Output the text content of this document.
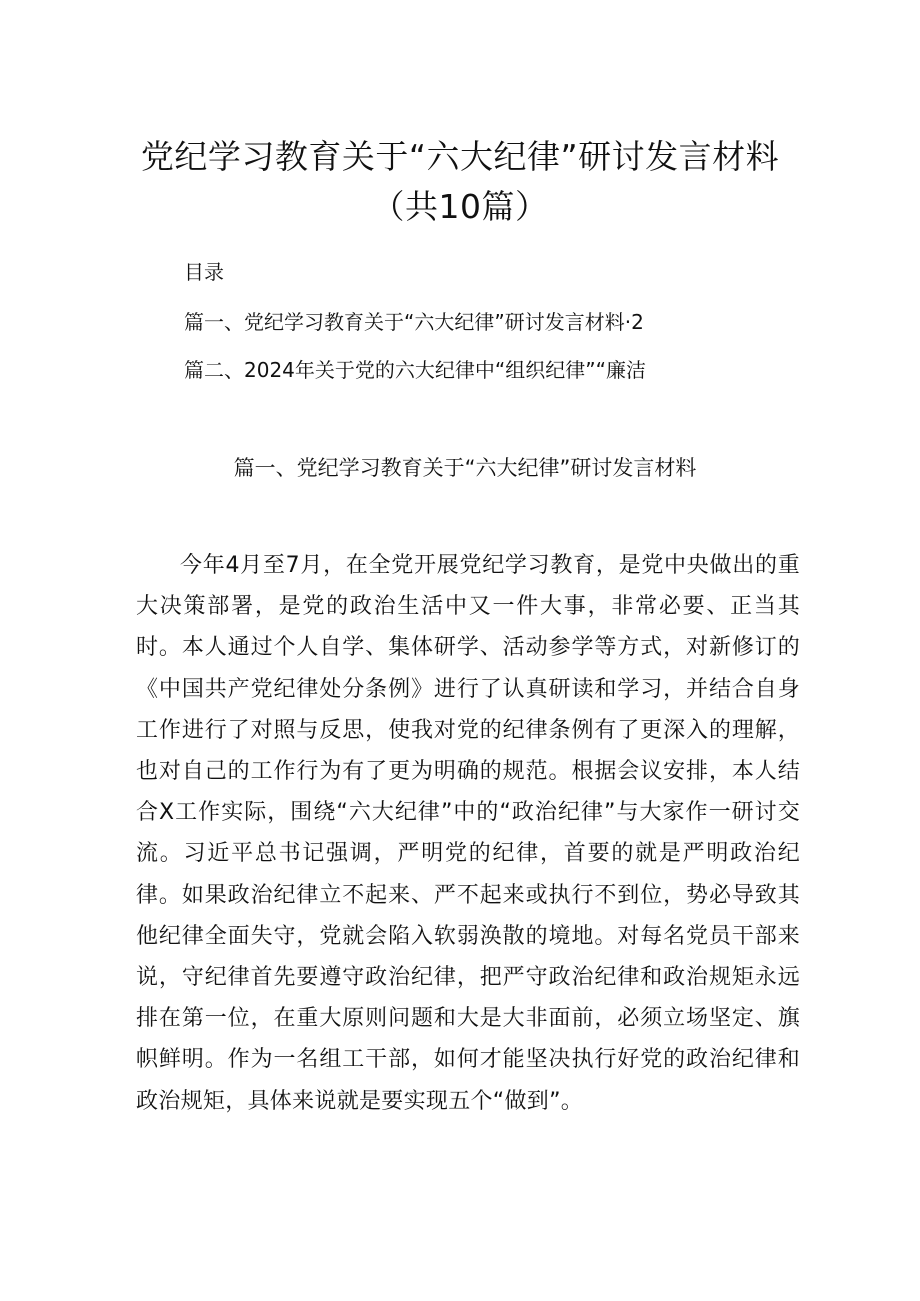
党纪学习教育关于“六大纪律”研讨发言材料（共10篇）
目录
篇一、党纪学习教育关于“六大纪律”研讨发言材料·2
篇二、2024年关于党的六大纪律中“组织纪律”“廉洁
篇一、党纪学习教育关于“六大纪律”研讨发言材料

今年4月至7月，在全党开展党纪学习教育，是党中央做出的重大决策部署，是党的政治生活中又一件大事，非常必要、正当其时。本人通过个人自学、集体研学、活动参学等方式，对新修订的《中国共产党纪律处分条例》进行了认真研读和学习，并结合自身工作进行了对照与反思，使我对党的纪律条例有了更深入的理解，也对自己的工作行为有了更为明确的规范。根据会议安排，本人结合X工作实际，围绕“六大纪律”中的“政治纪律”与大家作一研讨交流。习近平总书记强调，严明党的纪律，首要的就是严明政治纪律。如果政治纪律立不起来、严不起来或执行不到位，势必导致其他纪律全面失守，党就会陷入软弱涣散的境地。对每名党员干部来说，守纪律首先要遵守政治纪律，把严守政治纪律和政治规矩永远排在第一位，在重大原则问题和大是大非面前，必须立场坚定、旗帜鲜明。作为一名组工干部，如何才能坚决执行好党的政治纪律和政治规矩，具体来说就是要实现五个“做到”。
